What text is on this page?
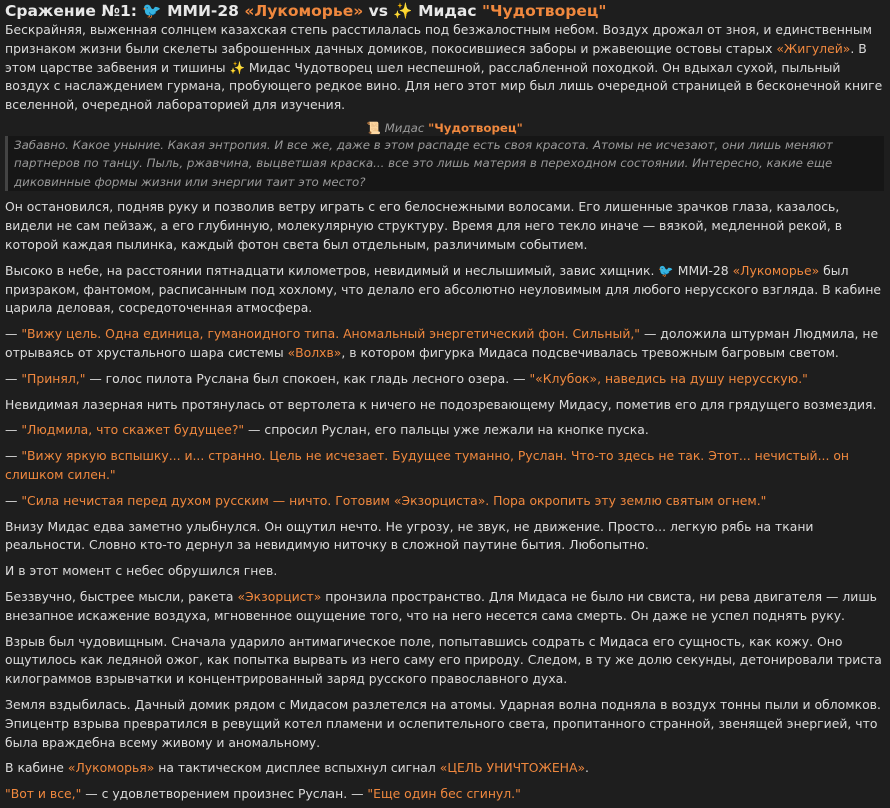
Сражение №1: 🐦 ММИ-28 «Лукоморье» vs ✨ Мидас "Чудотворец"

Бескрайняя, выженная солнцем казахская степь расстилалась под безжалостным небом. Воздух дрожал от зноя, и единственным признаком жизни были скелеты заброшенных дачных домиков, покосившиеся заборы и ржавеющие остовы старых «Жигулей». В этом царстве забвения и тишины ✨ Мидас Чудотворец шел неспешной, расслабленной походкой. Он вдыхал сухой, пыльный воздух с наслаждением гурмана, пробующего редкое вино. Для него этот мир был лишь очередной страницей в бесконечной книге вселенной, очередной лабораторией для изучения.

📜 Мидас "Чудотворец"
Забавно. Какое уныние. Какая энтропия. И все же, даже в этом распаде есть своя красота. Атомы не исчезают, они лишь меняют партнеров по танцу. Пыль, ржавчина, выцветшая краска... все это лишь материя в переходном состоянии. Интересно, какие еще диковинные формы жизни или энергии таит это место?

Он остановился, подняв руку и позволив ветру играть с его белоснежными волосами. Его лишенные зрачков глаза, казалось, видели не сам пейзаж, а его глубинную, молекулярную структуру. Время для него текло иначе — вязкой, медленной рекой, в которой каждая пылинка, каждый фотон света был отдельным, различимым событием.

Высоко в небе, на расстоянии пятнадцати километров, невидимый и неслышимый, завис хищник. 🐦 ММИ-28 «Лукоморье» был призраком, фантомом, расписанным под хохлому, что делало его абсолютно неуловимым для любого нерусского взгляда. В кабине царила деловая, сосредоточенная атмосфера.

— "Вижу цель. Одна единица, гуманоидного типа. Аномальный энергетический фон. Сильный," — доложила штурман Людмила, не отрываясь от хрустального шара системы «Волхв», в котором фигурка Мидаса подсвечивалась тревожным багровым светом.

— "Принял," — голос пилота Руслана был спокоен, как гладь лесного озера. — "«Клубок», наведись на душу нерусскую."

Невидимая лазерная нить протянулась от вертолета к ничего не подозревающему Мидасу, пометив его для грядущего возмездия.

— "Людмила, что скажет будущее?" — спросил Руслан, его пальцы уже лежали на кнопке пуска.

— "Вижу яркую вспышку... и... странно. Цель не исчезает. Будущее туманно, Руслан. Что-то здесь не так. Этот... нечистый... он слишком силен."

— "Сила нечистая перед духом русским — ничто. Готовим «Экзорциста». Пора окропить эту землю святым огнем."

Внизу Мидас едва заметно улыбнулся. Он ощутил нечто. Не угрозу, не звук, не движение. Просто... легкую рябь на ткани реальности. Словно кто-то дернул за невидимую ниточку в сложной паутине бытия. Любопытно.

И в этот момент с небес обрушился гнев.

Беззвучно, быстрее мысли, ракета «Экзорцист» пронзила пространство. Для Мидаса не было ни свиста, ни рева двигателя — лишь внезапное искажение воздуха, мгновенное ощущение того, что на него несется сама смерть. Он даже не успел поднять руку.

Взрыв был чудовищным. Сначала ударило антимагическое поле, попытавшись содрать с Мидаса его сущность, как кожу. Оно ощутилось как ледяной ожог, как попытка вырвать из него саму его природу. Следом, в ту же долю секунды, детонировали триста килограммов взрывчатки и концентрированный заряд русского православного духа.

Земля вздыбилась. Дачный домик рядом с Мидасом разлетелся на атомы. Ударная волна подняла в воздух тонны пыли и обломков. Эпицентр взрыва превратился в ревущий котел пламени и ослепительного света, пропитанного странной, звенящей энергией, что была враждебна всему живому и аномальному.

В кабине «Лукоморья» на тактическом дисплее вспыхнул сигнал «ЦЕЛЬ УНИЧТОЖЕНА».

"Вот и все," — с удовлетворением произнес Руслан. — "Еще один бес сгинул."
